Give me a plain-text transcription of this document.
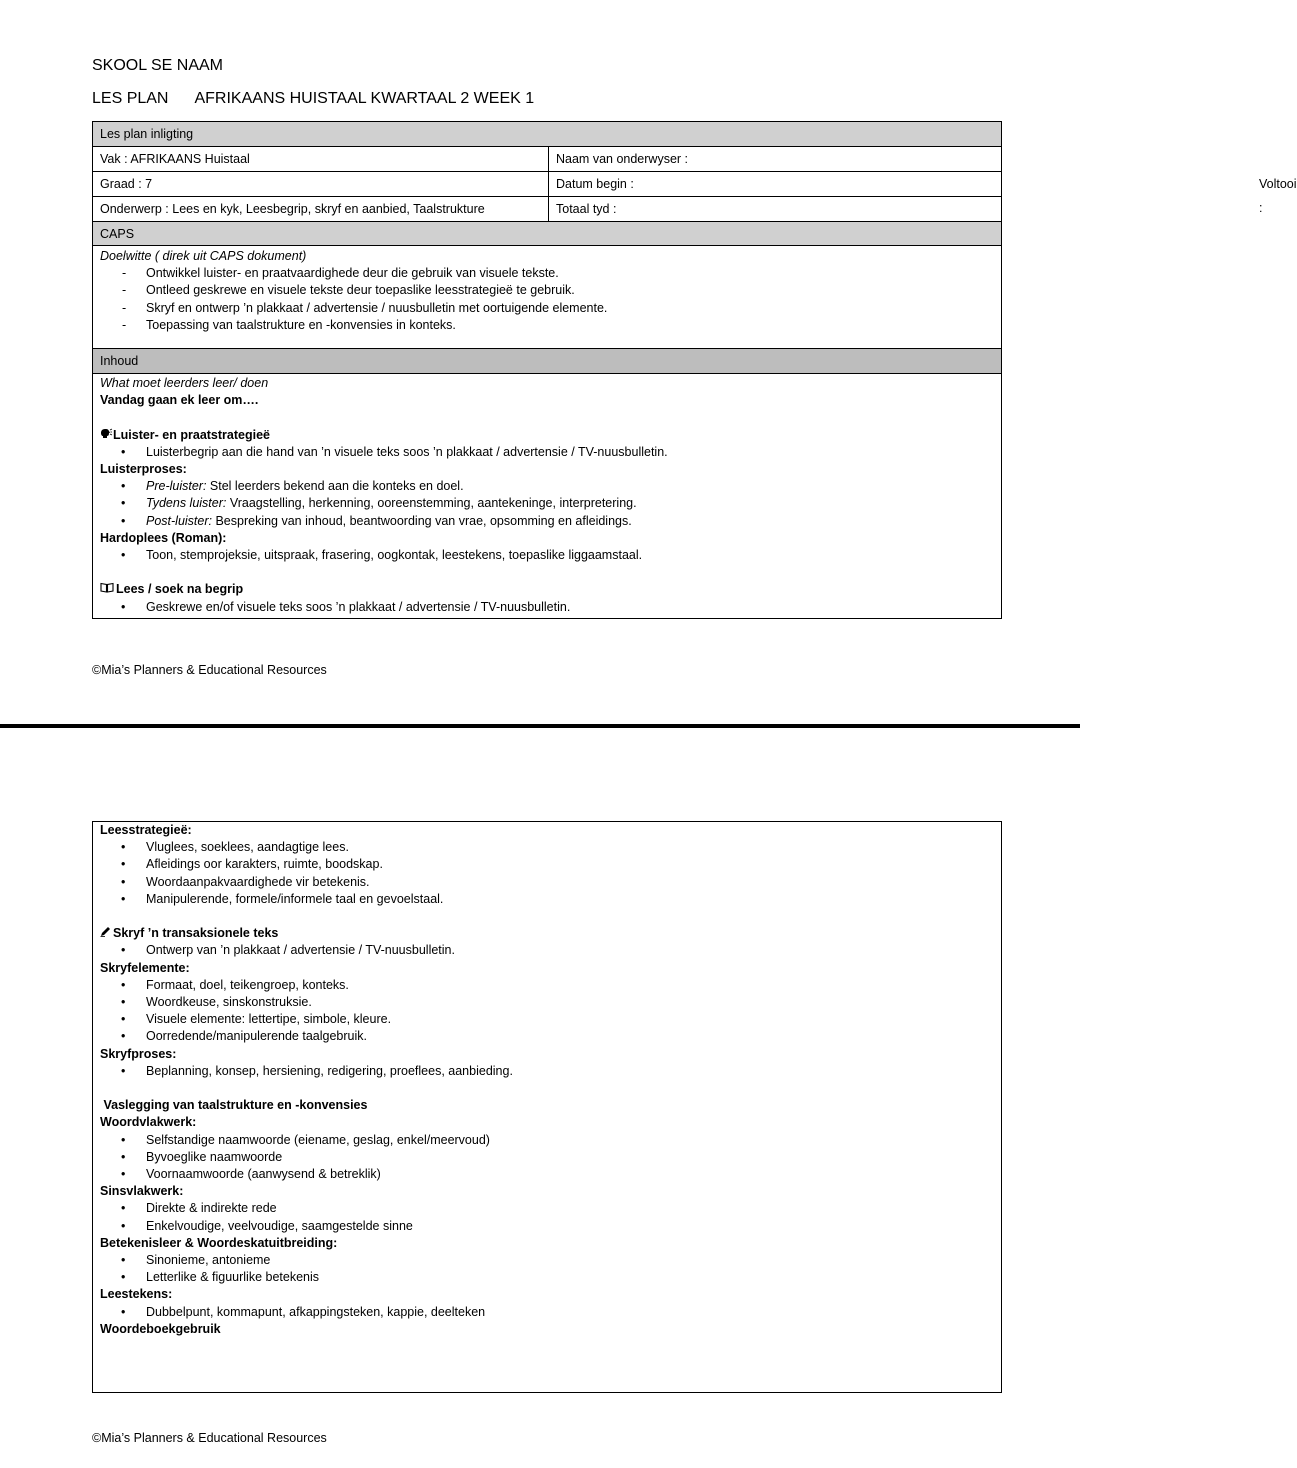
SKOOL SE NAAM
LES PLAN AFRIKAANS HUISTAAL KWARTAAL 2 WEEK 1
Les plan inligting
Vak : AFRIKAANS Huistaal	Naam van onderwyser :
Graad : 7	Datum begin :	Voltooi :
Onderwerp : Lees en kyk, Leesbegrip, skryf en aanbied, Taalstrukture	Totaal tyd :
CAPS
Doelwitte ( direk uit CAPS dokument)
- Ontwikkel luister- en praatvaardighede deur die gebruik van visuele tekste.
- Ontleed geskrewe en visuele tekste deur toepaslike leesstrategieë te gebruik.
- Skryf en ontwerp ’n plakkaat / advertensie / nuusbulletin met oortuigende elemente.
- Toepassing van taalstrukture en -konvensies in konteks.
Inhoud
What moet leerders leer/ doen
Vandag gaan ek leer om….
Luister- en praatstrategieë
• Luisterbegrip aan die hand van ’n visuele teks soos ’n plakkaat / advertensie / TV-nuusbulletin.
Luisterproses:
• Pre-luister: Stel leerders bekend aan die konteks en doel.
• Tydens luister: Vraagstelling, herkenning, ooreenstemming, aantekeninge, interpretering.
• Post-luister: Bespreking van inhoud, beantwoording van vrae, opsomming en afleidings.
Hardoplees (Roman):
• Toon, stemprojeksie, uitspraak, frasering, oogkontak, leestekens, toepaslike liggaamstaal.
Lees / soek na begrip
• Geskrewe en/of visuele teks soos ’n plakkaat / advertensie / TV-nuusbulletin.
©Mia’s Planners & Educational Resources
Leesstrategieë:
• Vluglees, soeklees, aandagtige lees.
• Afleidings oor karakters, ruimte, boodskap.
• Woordaanpakvaardighede vir betekenis.
• Manipulerende, formele/informele taal en gevoelstaal.
Skryf ’n transaksionele teks
• Ontwerp van ’n plakkaat / advertensie / TV-nuusbulletin.
Skryfelemente:
• Formaat, doel, teikengroep, konteks.
• Woordkeuse, sinskonstruksie.
• Visuele elemente: lettertipe, simbole, kleure.
• Oorredende/manipulerende taalgebruik.
Skryfproses:
• Beplanning, konsep, hersiening, redigering, proeflees, aanbieding.
Vaslegging van taalstrukture en -konvensies
Woordvlakwerk:
• Selfstandige naamwoorde (eiename, geslag, enkel/meervoud)
• Byvoeglike naamwoorde
• Voornaamwoorde (aanwysend & betreklik)
Sinsvlakwerk:
• Direkte & indirekte rede
• Enkelvoudige, veelvoudige, saamgestelde sinne
Betekenisleer & Woordeskatuitbreiding:
• Sinonieme, antonieme
• Letterlike & figuurlike betekenis
Leestekens:
• Dubbelpunt, kommapunt, afkappingsteken, kappie, deelteken
Woordeboekgebruik
©Mia’s Planners & Educational Resources
